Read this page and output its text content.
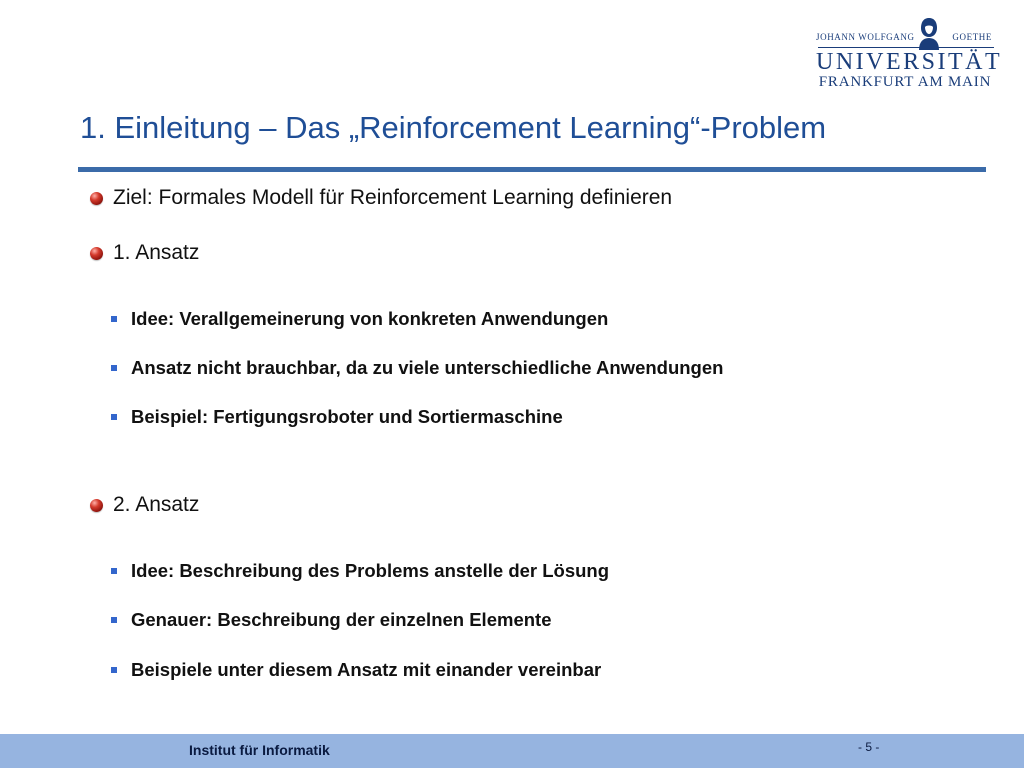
JOHANN WOLFGANG	GOETHE
UNIVERSITÄT
FRANKFURT AM MAIN
1. Einleitung – Das „Reinforcement Learning“-Problem
Ziel: Formales Modell für Reinforcement Learning definieren
1. Ansatz
Idee: Verallgemeinerung von konkreten Anwendungen
Ansatz nicht brauchbar, da zu viele unterschiedliche Anwendungen
Beispiel: Fertigungsroboter und Sortiermaschine
2. Ansatz
Idee: Beschreibung des Problems anstelle der Lösung
Genauer: Beschreibung der einzelnen Elemente
Beispiele unter diesem Ansatz mit einander vereinbar
Institut für Informatik	- 5 -
